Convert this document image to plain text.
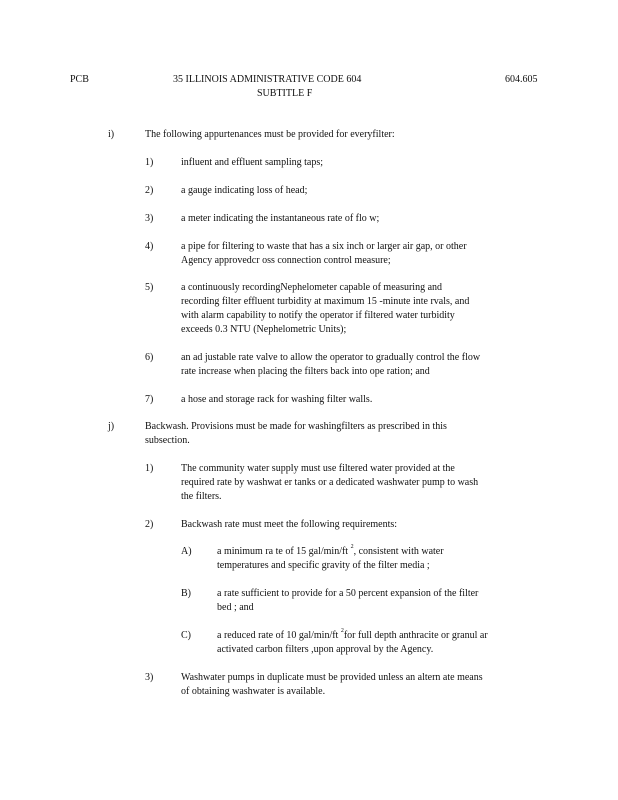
PCB	35 ILLINOIS ADMINISTRATIVE CODE 604
SUBTITLE F
604.605
i)	The following appurtenances must be provided for everyfilter:
1)	influent and effluent sampling taps;
2)	a gauge indicating loss of head;
3)	a meter indicating the instantaneous rate of flo w;
4)	a pipe for filtering to waste that has a six inch or larger air gap, or other
Agency approvedcr oss connection control measure;
5)	a continuously recordingNephelometer capable of measuring and
recording filter effluent turbidity at maximum 15 -minute inte rvals, and
with alarm capability to notify the operator if filtered water turbidity
exceeds 0.3 NTU (Nephelometric Units);
6)	an ad justable rate valve to allow the operator to gradually control the flow
rate increase when placing the filters back into ope ration; and
7)	a hose and storage rack for washing filter walls.
j)	Backwash. Provisions must be made for washingfilters as prescribed in this
subsection.
1)	The community water supply must use filtered water provided at the
required rate by washwat er tanks or a dedicated washwater pump to wash
the filters.
2)	Backwash rate must meet the following requirements:
A)	a minimum ra te of 15 gal/min/ft $^2$, consistent with water
temperatures and specific gravity of the filter media ;
B)	a rate sufficient to provide for a 50 percent expansion of the filter
bed ; and
C)	a reduced rate of 10 gal/min/ft $^2$for full depth anthracite or granul ar
activated carbon filters ,upon approval by the Agency.
3)	Washwater pumps in duplicate must be provided unless an altern ate means
of obtaining washwater is available.
